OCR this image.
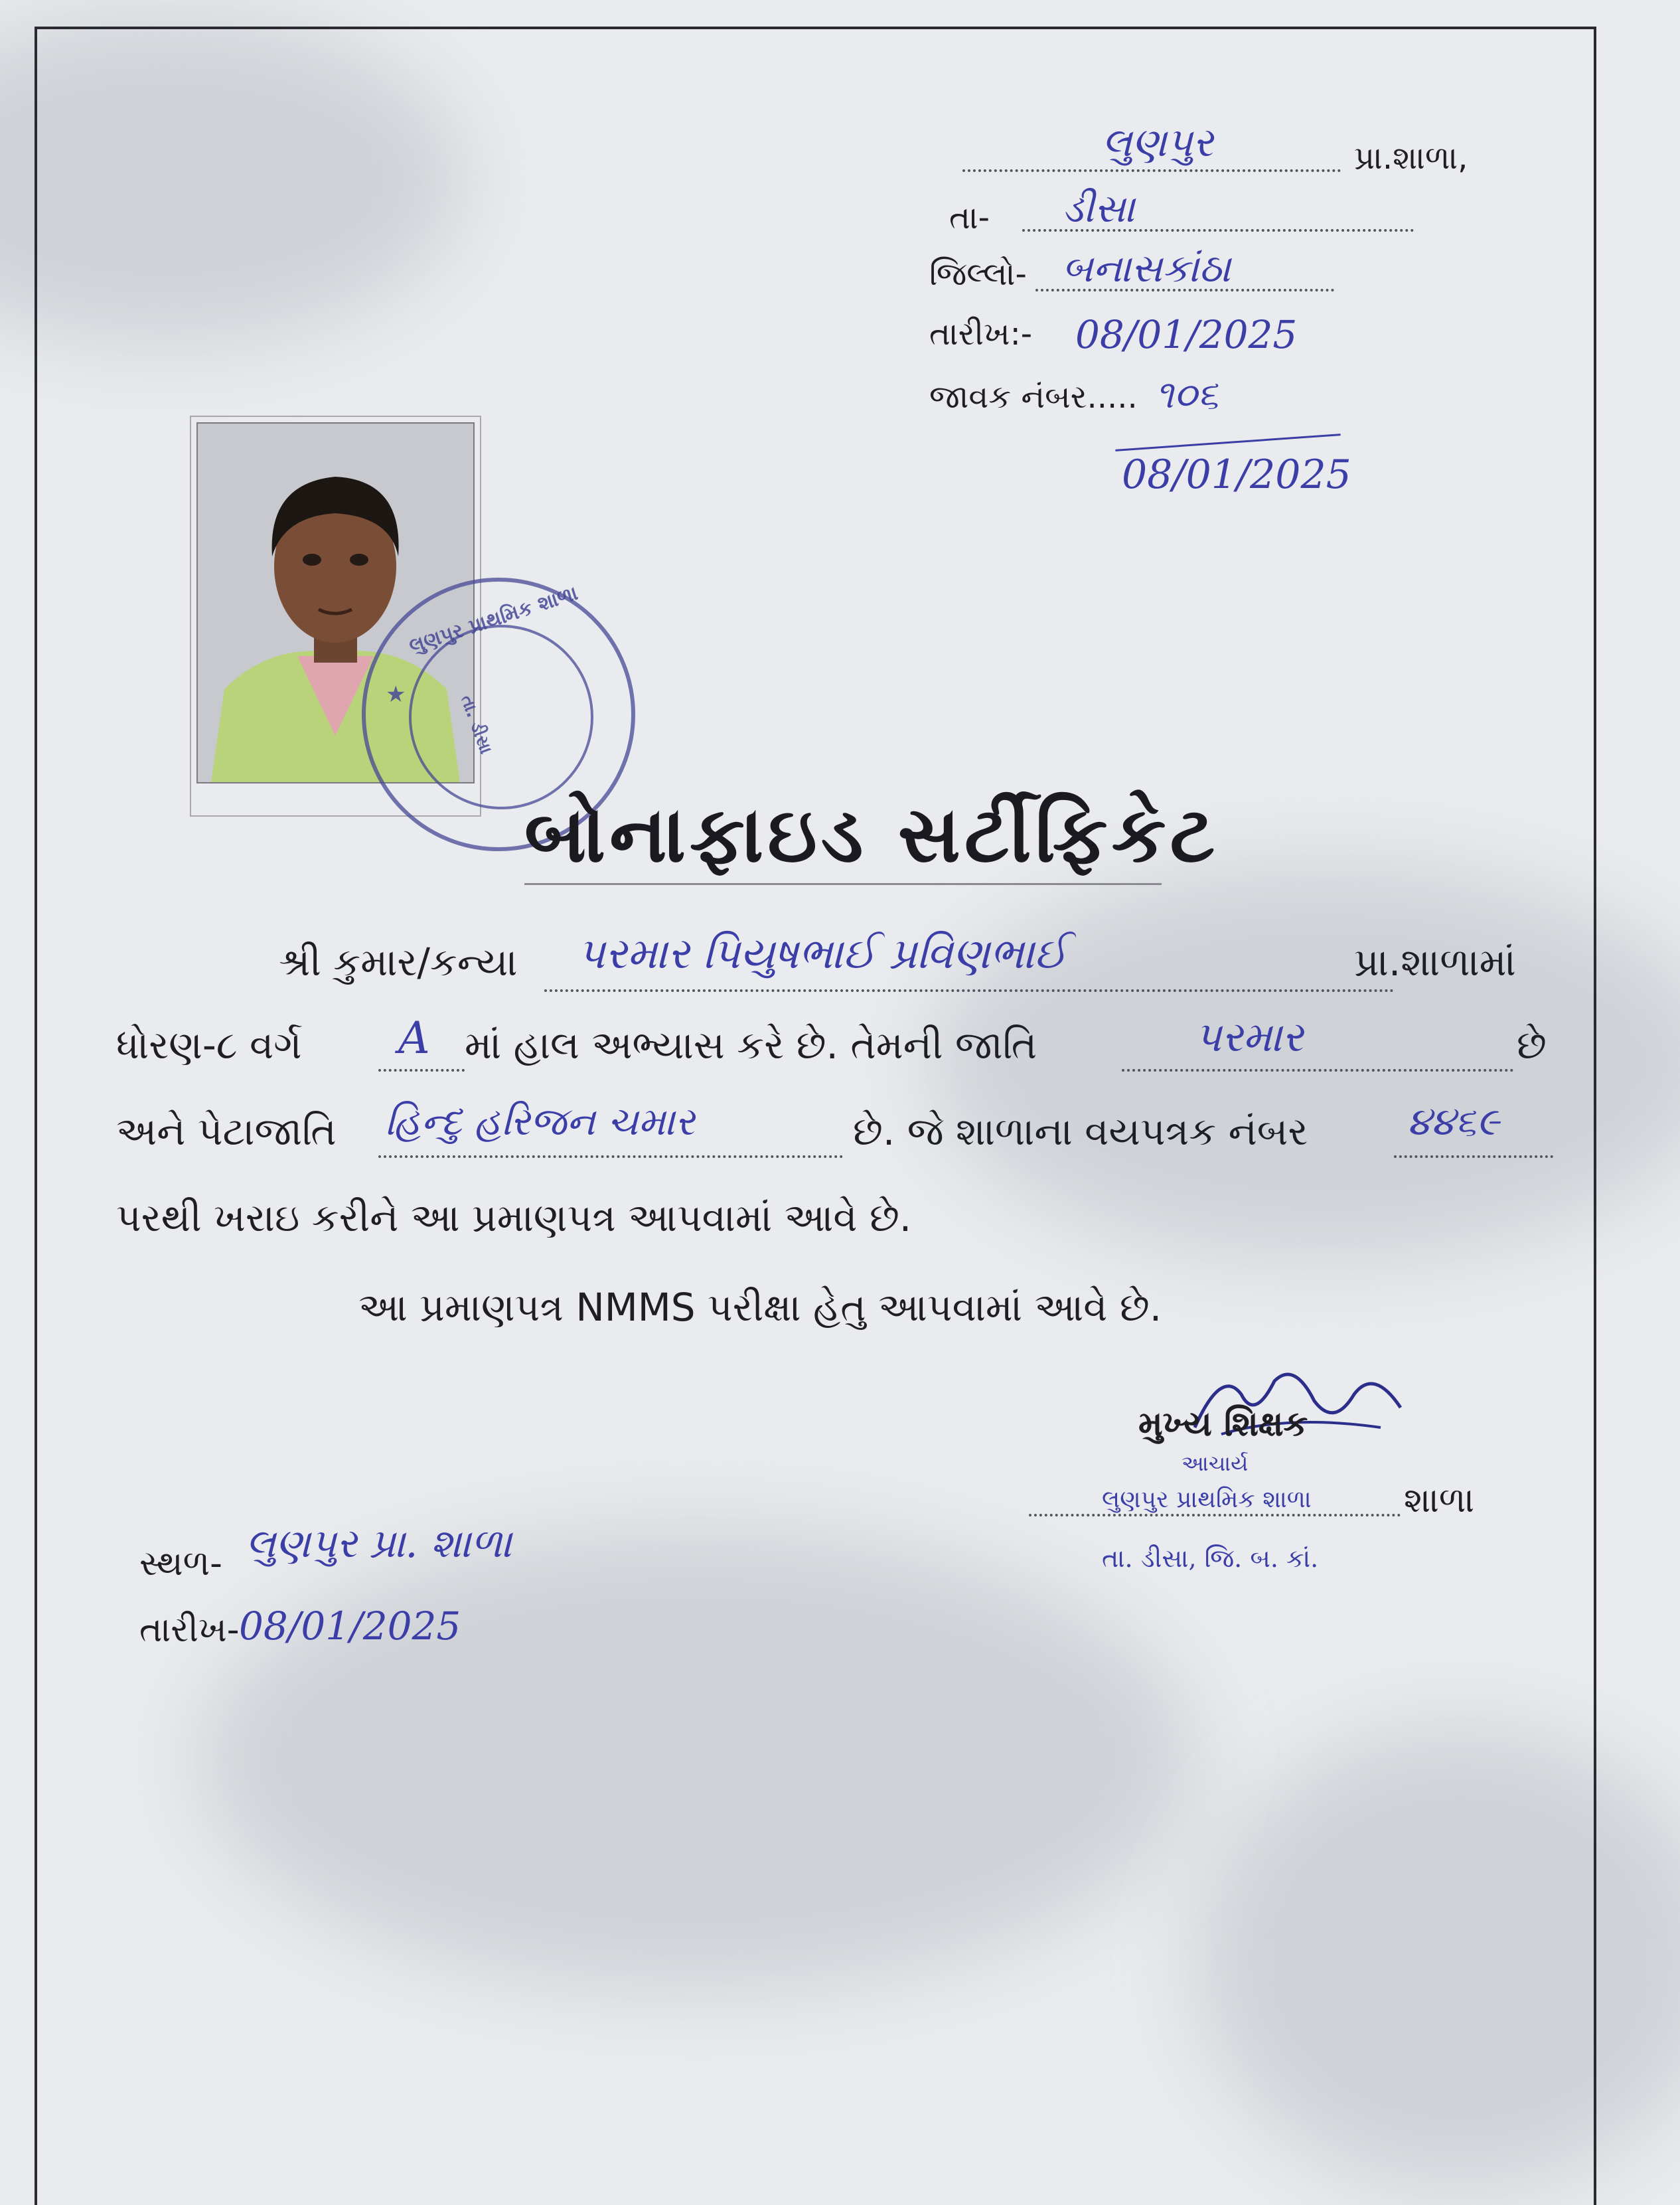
લુણપુર	પ્રા.શાળા,
તા- ડીસા
જિલ્લો- બનાસકાંઠા
તારીખ:- 08/01/2025
જાવક નંબર..... ૧૦૬
08/01/2025
લુણપુર પ્રાથમિક શાળા
તા. ડીસા
★
બોનાફાઇડ સર્ટીફિકેટ
શ્રી કુમાર/કન્યા પરમાર પિયુષભાઈ પ્રવિણભાઈ	પ્રા.શાળામાં
ધોરણ-૮ વર્ગ A માં હાલ અભ્યાસ કરે છે. તેમની જાતિ	પરમાર	છે
અને પેટાજાતિ હિન્દુ હરિજન ચમાર	છે. જે શાળાના વયપત્રક નંબર	૪૪૬૯
પરથી ખરાઇ કરીને આ પ્રમાણપત્ર આપવામાં આવે છે.
આ પ્રમાણપત્ર NMMS પરીક્ષા હેતુ આપવામાં આવે છે.
મુખ્ય શિક્ષક
આચાર્ય
લુણપુર પ્રાથમિક શાળા	શાળા
તા. ડીસા, જિ. બ. કાં.
સ્થળ- લુણપુર પ્રા. શાળા
તારીખ- 08/01/2025
